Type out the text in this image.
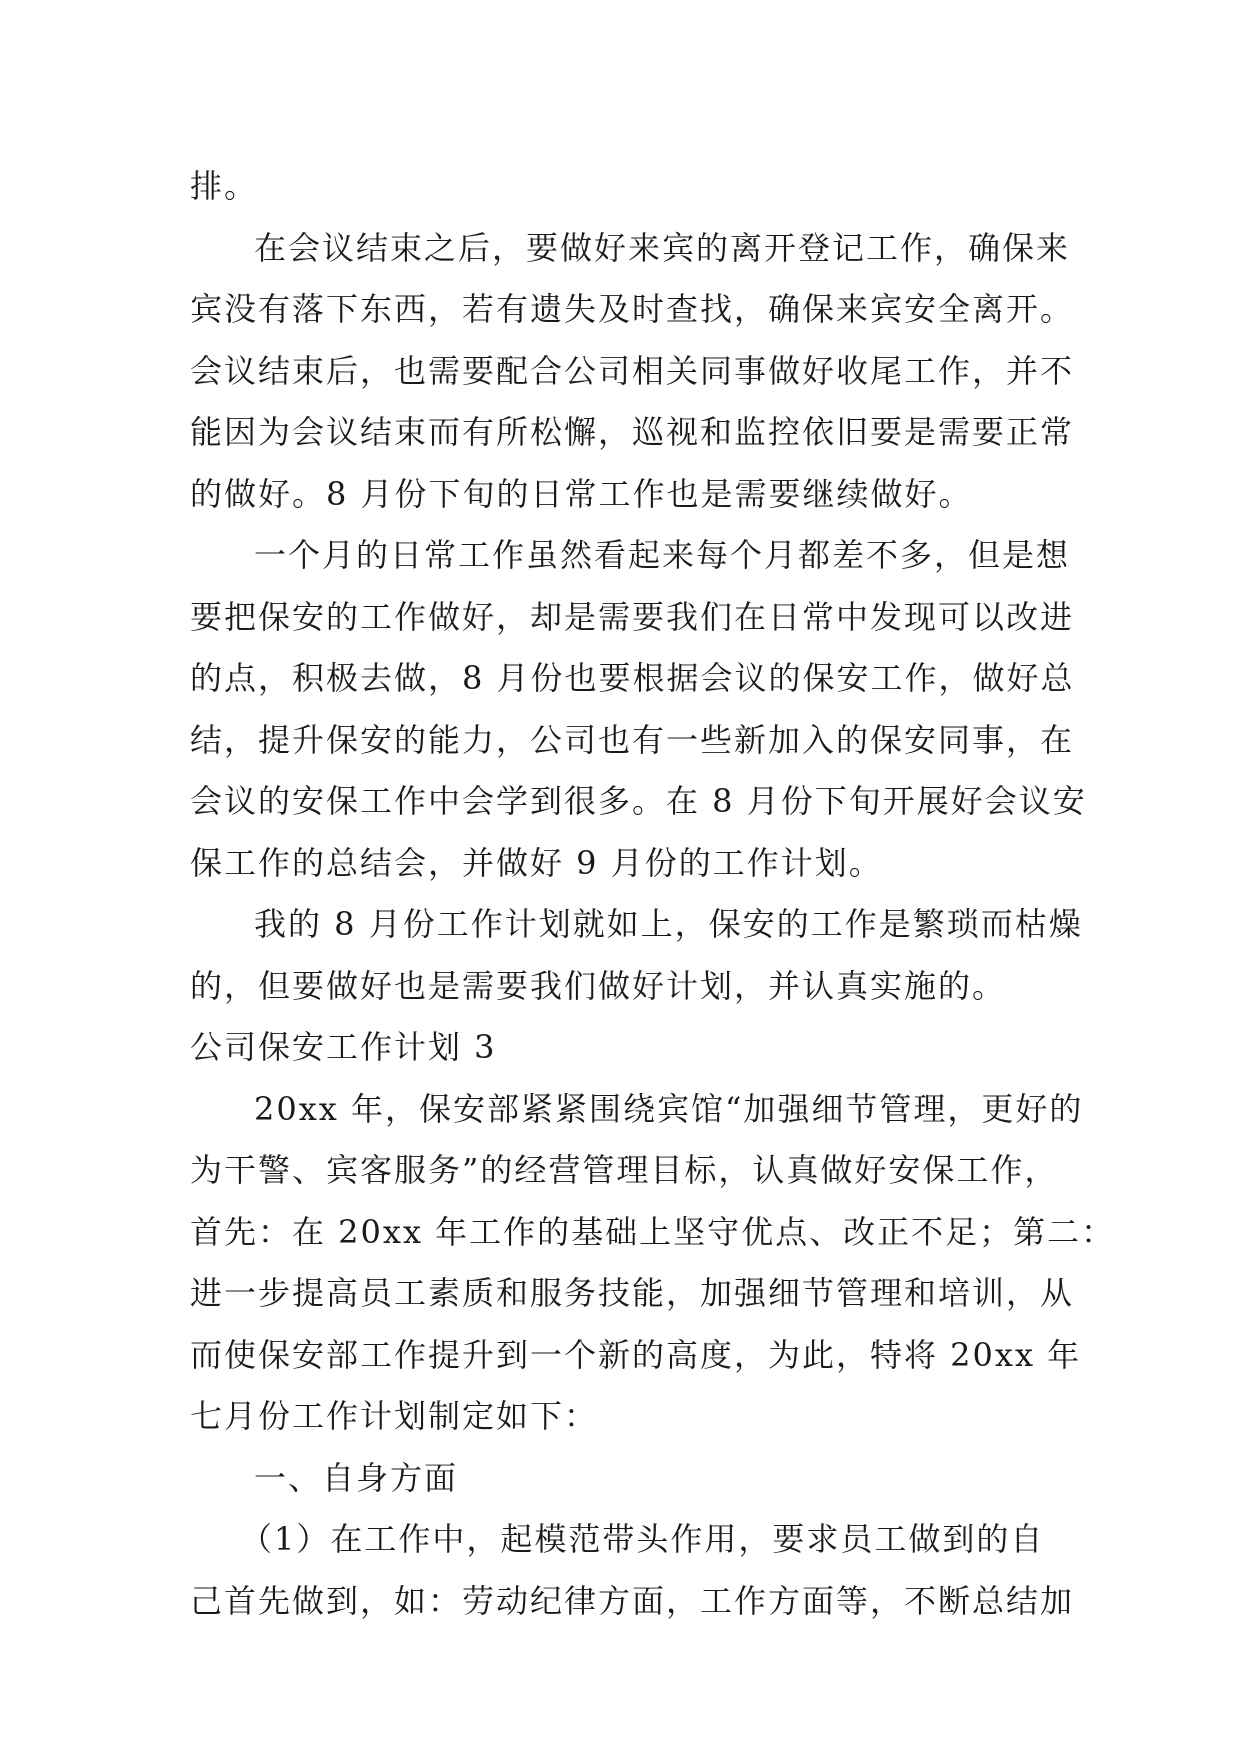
排。
在会议结束之后，要做好来宾的离开登记工作，确保来
宾没有落下东西，若有遗失及时查找，确保来宾安全离开。
会议结束后，也需要配合公司相关同事做好收尾工作，并不
能因为会议结束而有所松懈，巡视和监控依旧要是需要正常
的做好。8 月份下旬的日常工作也是需要继续做好。
一个月的日常工作虽然看起来每个月都差不多，但是想
要把保安的工作做好，却是需要我们在日常中发现可以改进
的点，积极去做，8 月份也要根据会议的保安工作，做好总
结，提升保安的能力，公司也有一些新加入的保安同事，在
会议的安保工作中会学到很多。在 8 月份下旬开展好会议安
保工作的总结会，并做好 9 月份的工作计划。
我的 8 月份工作计划就如上，保安的工作是繁琐而枯燥
的，但要做好也是需要我们做好计划，并认真实施的。
公司保安工作计划 3
20xx 年，保安部紧紧围绕宾馆“加强细节管理，更好的
为干警、宾客服务”的经营管理目标，认真做好安保工作，
首先：在 20xx 年工作的基础上坚守优点、改正不足；第二：
进一步提高员工素质和服务技能，加强细节管理和培训，从
而使保安部工作提升到一个新的高度，为此，特将 20xx 年
七月份工作计划制定如下：
一、自身方面
（1）在工作中，起模范带头作用，要求员工做到的自
己首先做到，如：劳动纪律方面，工作方面等，不断总结加
